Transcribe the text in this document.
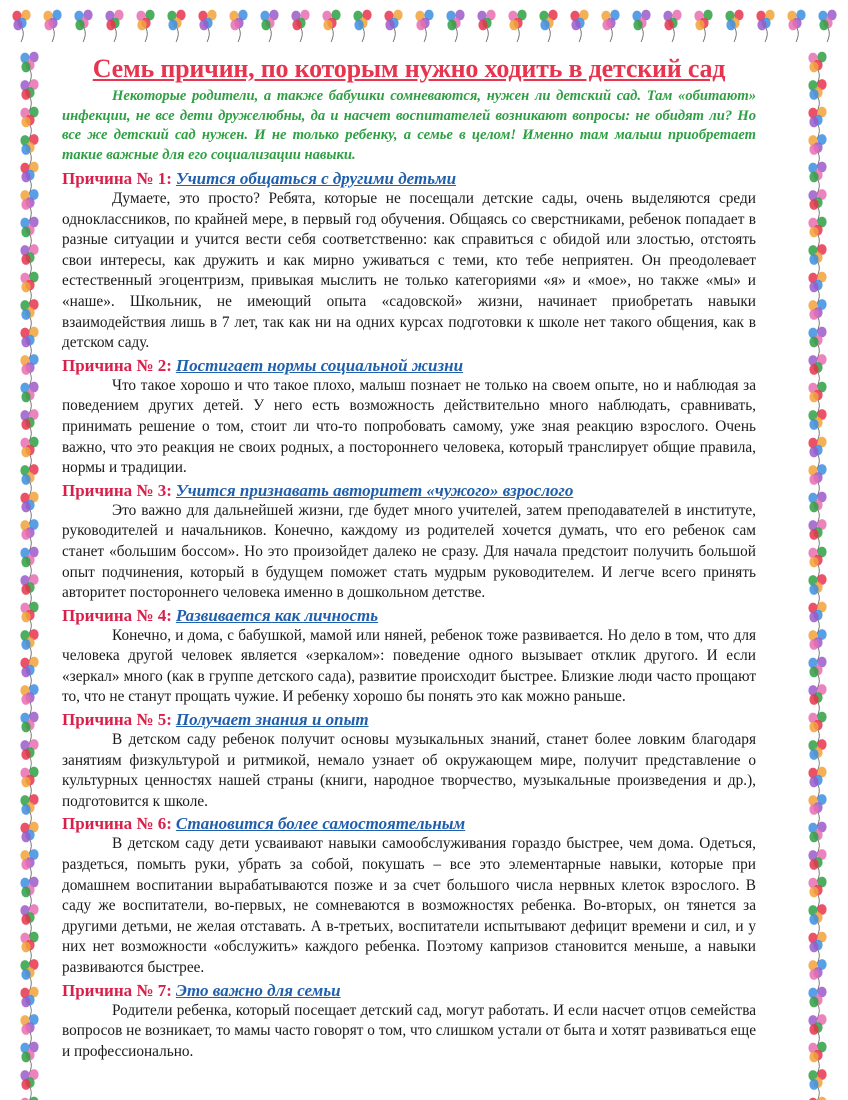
Семь причин, по которым нужно ходить в детский сад

Некоторые родители, а также бабушки сомневаются, нужен ли детский сад. Там «обитают» инфекции, не все дети дружелюбны, да и насчет воспитателей возникают вопросы: не обидят ли? Но все же детский сад нужен. И не только ребенку, а семье в целом! Именно там малыш приобретает такие важные для его социализации навыки.

Причина № 1: Учится общаться с другими детьми

Думаете, это просто? Ребята, которые не посещали детские сады, очень выделяются среди одноклассников, по крайней мере, в первый год обучения. Общаясь со сверстниками, ребенок попадает в разные ситуации и учится вести себя соответственно: как справиться с обидой или злостью, отстоять свои интересы, как дружить и как мирно уживаться с теми, кто тебе неприятен. Он преодолевает естественный эгоцентризм, привыкая мыслить не только категориями «я» и «мое», но также «мы» и «наше». Школьник, не имеющий опыта «садовской» жизни, начинает приобретать навыки взаимодействия лишь в 7 лет, так как ни на одних курсах подготовки к школе нет такого общения, как в детском саду.

Причина № 2: Постигает нормы социальной жизни

Что такое хорошо и что такое плохо, малыш познает не только на своем опыте, но и наблюдая за поведением других детей. У него есть возможность действительно много наблюдать, сравнивать, принимать решение о том, стоит ли что-то попробовать самому, уже зная реакцию взрослого. Очень важно, что это реакция не своих родных, а постороннего человека, который транслирует общие правила, нормы и традиции.

Причина № 3: Учится признавать авторитет «чужого» взрослого

Это важно для дальнейшей жизни, где будет много учителей, затем преподавателей в институте, руководителей и начальников. Конечно, каждому из родителей хочется думать, что его ребенок сам станет «большим боссом». Но это произойдет далеко не сразу. Для начала предстоит получить большой опыт подчинения, который в будущем поможет стать мудрым руководителем. И легче всего принять авторитет постороннего человека именно в дошкольном детстве.

Причина № 4: Развивается как личность

Конечно, и дома, с бабушкой, мамой или няней, ребенок тоже развивается. Но дело в том, что для человека другой человек является «зеркалом»: поведение одного вызывает отклик другого. И если «зеркал» много (как в группе детского сада), развитие происходит быстрее. Близкие люди часто прощают то, что не станут прощать чужие. И ребенку хорошо бы понять это как можно раньше.

Причина № 5: Получает знания и опыт

В детском саду ребенок получит основы музыкальных знаний, станет более ловким благодаря занятиям физкультурой и ритмикой, немало узнает об окружающем мире, получит представление о культурных ценностях нашей страны (книги, народное творчество, музыкальные произведения и др.), подготовится к школе.

Причина № 6: Становится более самостоятельным

В детском саду дети усваивают навыки самообслуживания гораздо быстрее, чем дома. Одеться, раздеться, помыть руки, убрать за собой, покушать – все это элементарные навыки, которые при домашнем воспитании вырабатываются позже и за счет большого числа нервных клеток взрослого. В саду же воспитатели, во-первых, не сомневаются в возможностях ребенка. Во-вторых, он тянется за другими детьми, не желая отставать. А в-третьих, воспитатели испытывают дефицит времени и сил, и у них нет возможности «обслужить» каждого ребенка. Поэтому капризов становится меньше, а навыки развиваются быстрее.

Причина № 7: Это важно для семьи

Родители ребенка, который посещает детский сад, могут работать. И если насчет отцов семейства вопросов не возникает, то мамы часто говорят о том, что слишком устали от быта и хотят развиваться еще и профессионально.
